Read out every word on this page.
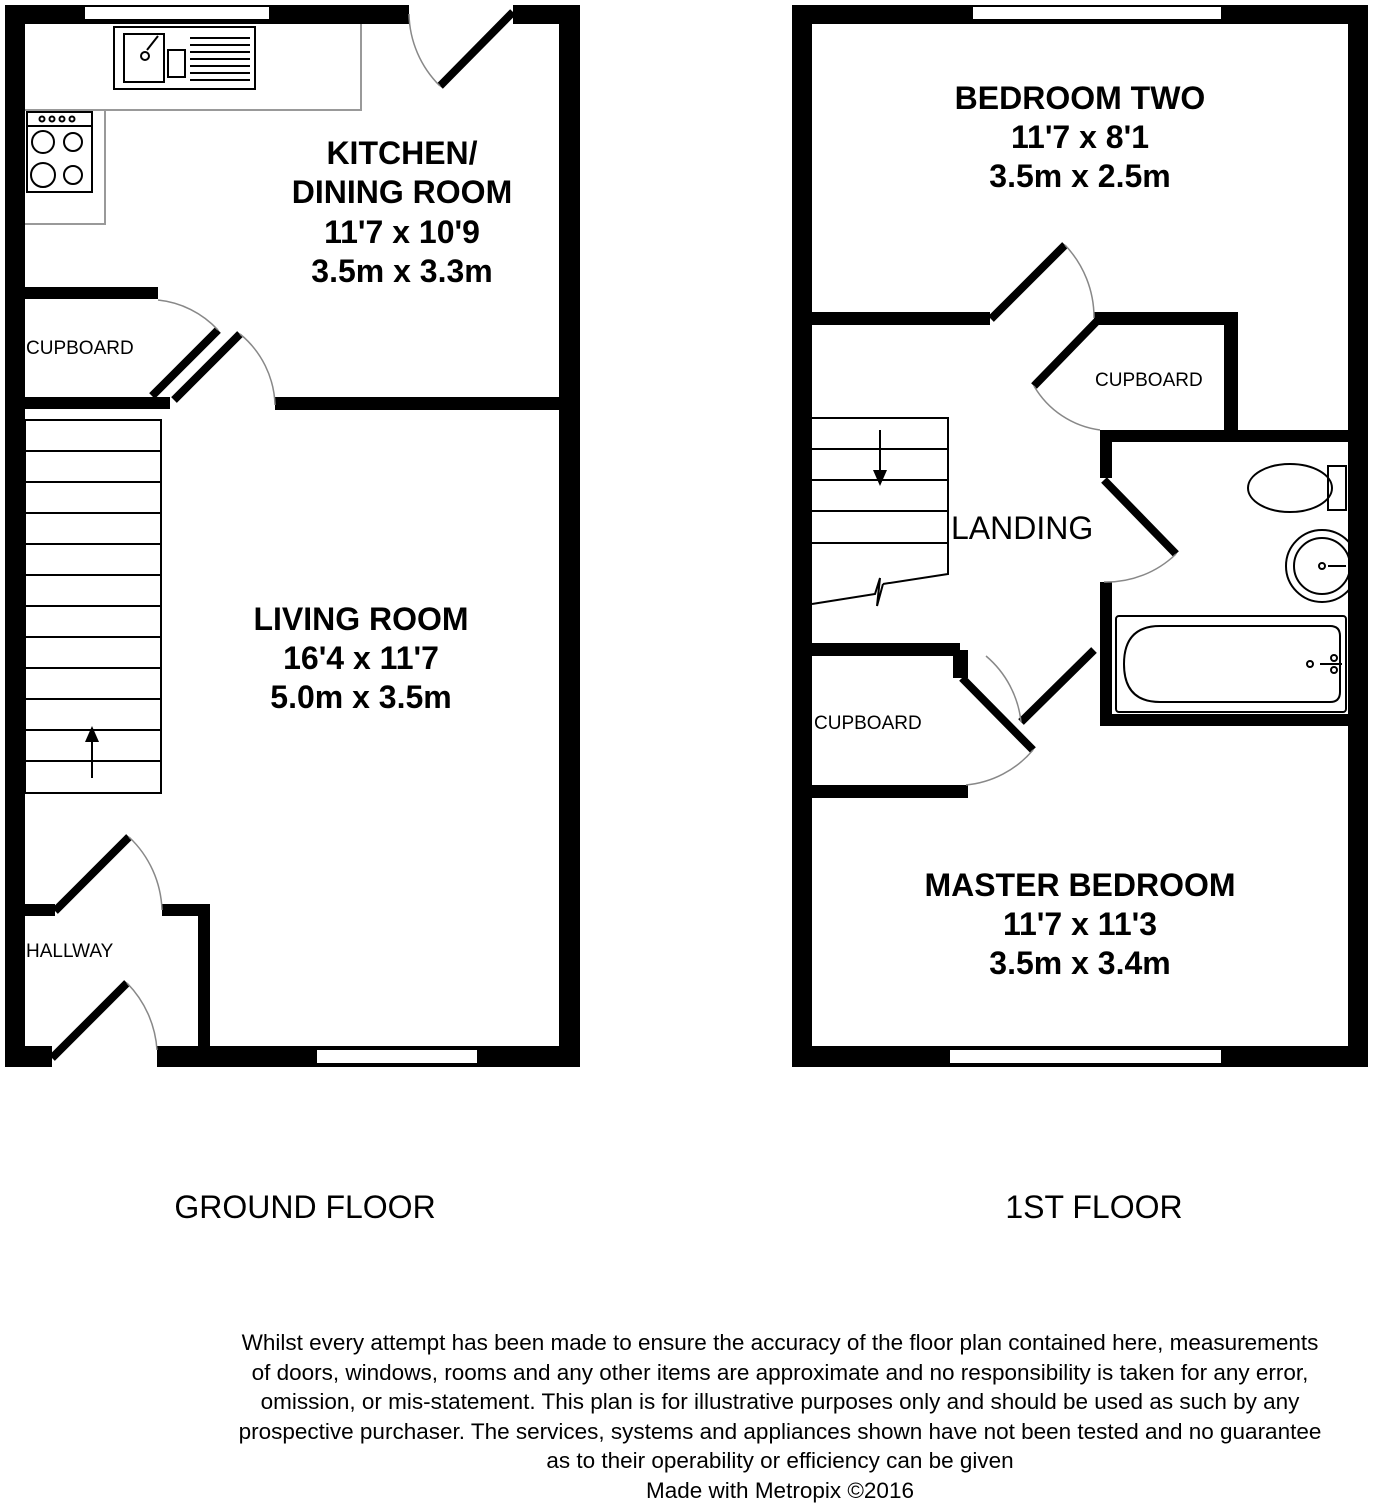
KITCHEN/
DINING ROOM
11'7 x 10'9
3.5m x 3.3m
CUPBOARD
LIVING ROOM
16'4 x 11'7
5.0m x 3.5m
HALLWAY
GROUND FLOOR
BEDROOM TWO
11'7 x 8'1
3.5m x 2.5m
CUPBOARD
LANDING
CUPBOARD
MASTER BEDROOM
11'7 x 11'3
3.5m x 3.4m
1ST FLOOR
Whilst every attempt has been made to ensure the accuracy of the floor plan contained here, measurements
of doors, windows, rooms and any other items are approximate and no responsibility is taken for any error,
omission, or mis-statement. This plan is for illustrative purposes only and should be used as such by any
prospective purchaser. The services, systems and appliances shown have not been tested and no guarantee
as to their operability or efficiency can be given
Made with Metropix ©2016
